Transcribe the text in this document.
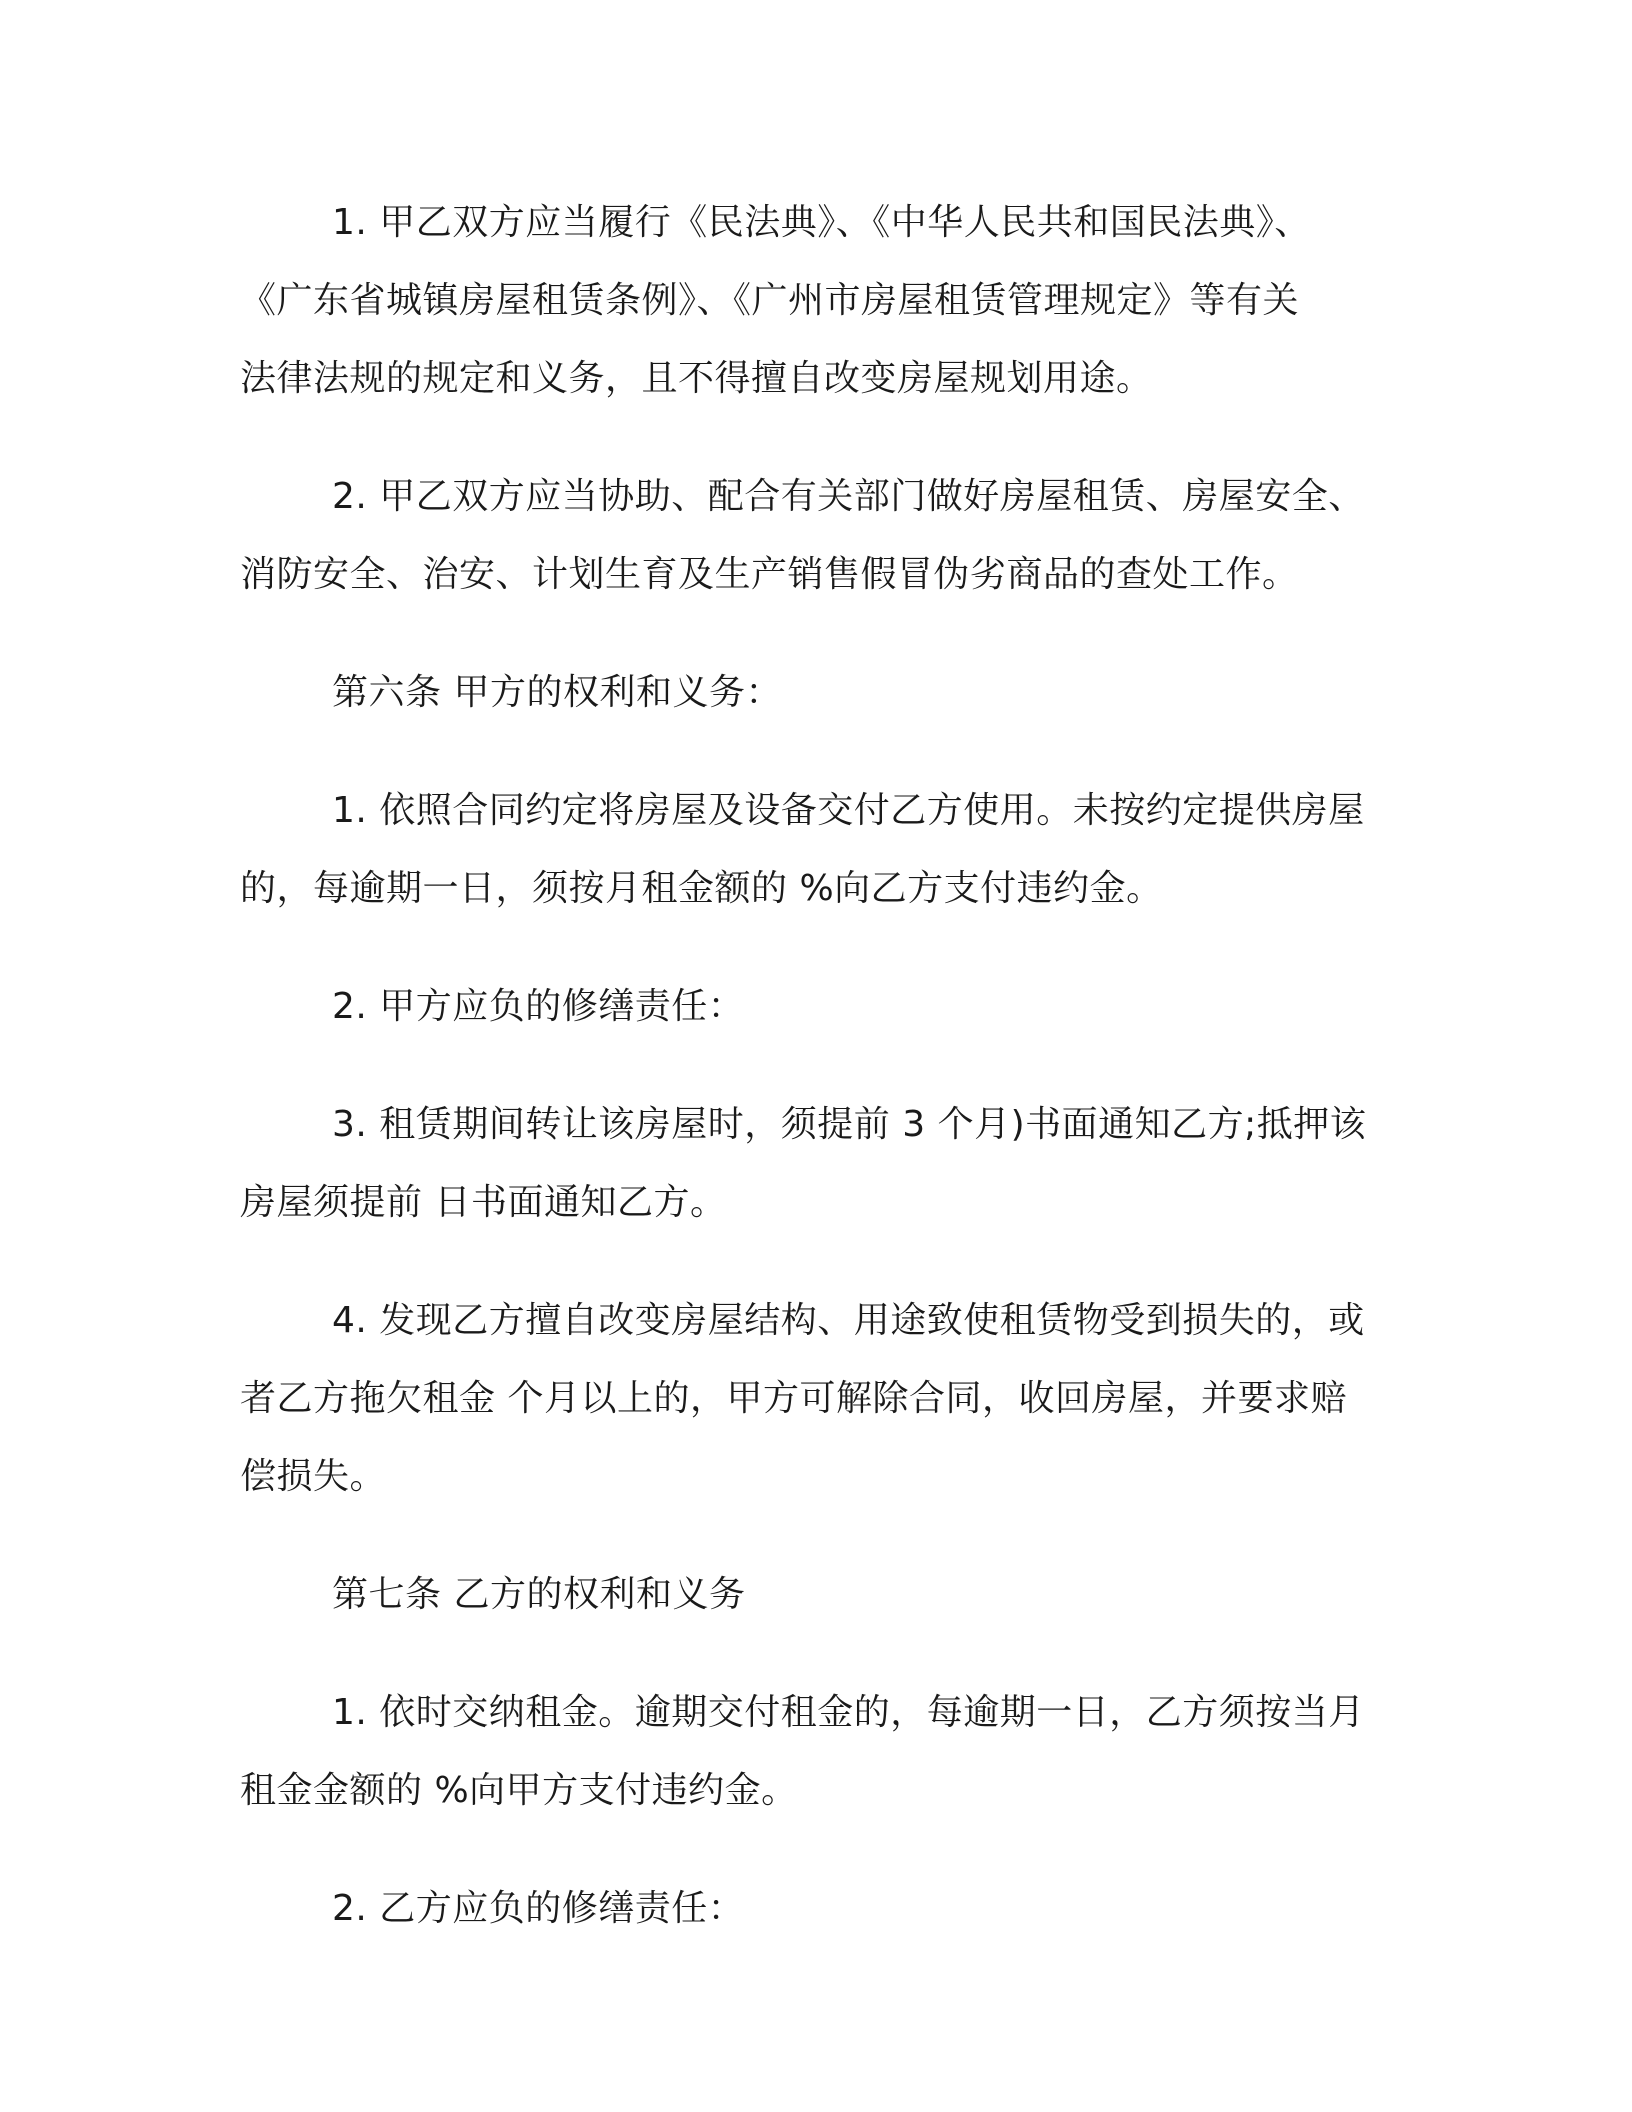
1. 甲乙双方应当履行《民法典》、《中华人民共和国民法典》、
《广东省城镇房屋租赁条例》、《广州市房屋租赁管理规定》等有关
法律法规的规定和义务，且不得擅自改变房屋规划用途。

2. 甲乙双方应当协助、配合有关部门做好房屋租赁、房屋安全、
消防安全、治安、计划生育及生产销售假冒伪劣商品的查处工作。

第六条 甲方的权利和义务：

1. 依照合同约定将房屋及设备交付乙方使用。未按约定提供房屋
的，每逾期一日，须按月租金额的 %向乙方支付违约金。

2. 甲方应负的修缮责任：

3. 租赁期间转让该房屋时，须提前 3 个月)书面通知乙方;抵押该
房屋须提前 日书面通知乙方。

4. 发现乙方擅自改变房屋结构、用途致使租赁物受到损失的，或
者乙方拖欠租金 个月以上的，甲方可解除合同，收回房屋，并要求赔
偿损失。

第七条 乙方的权利和义务

1. 依时交纳租金。逾期交付租金的，每逾期一日，乙方须按当月
租金金额的 %向甲方支付违约金。

2. 乙方应负的修缮责任：
